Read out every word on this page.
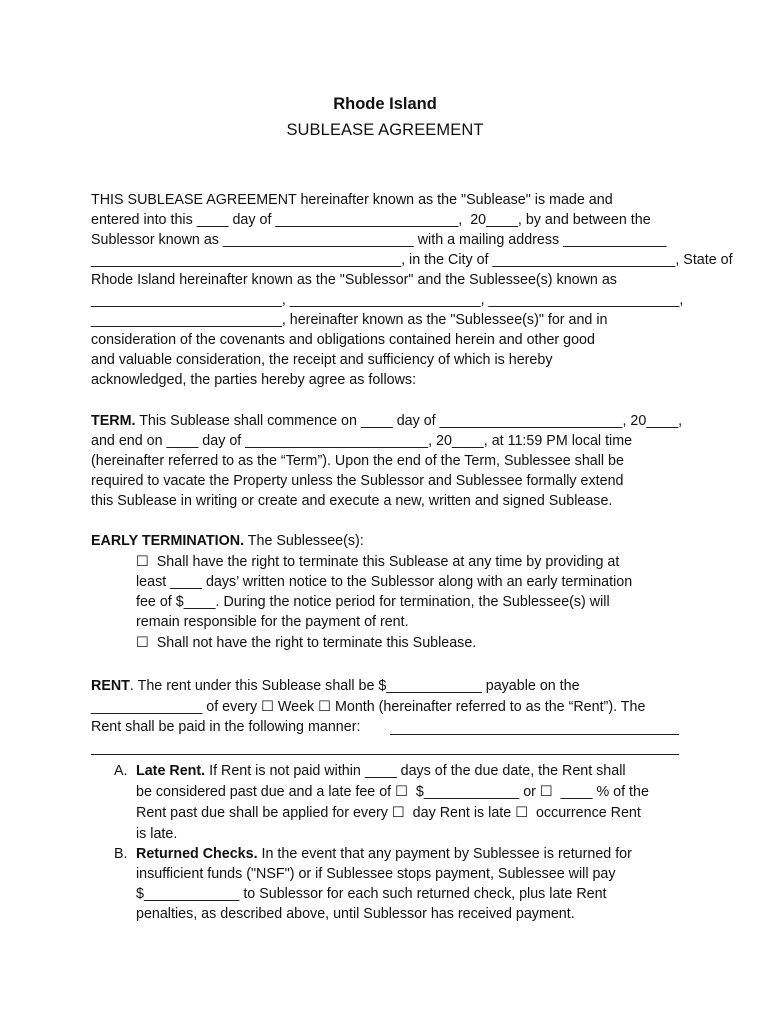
Rhode Island
SUBLEASE AGREEMENT

THIS SUBLEASE AGREEMENT hereinafter known as the "Sublease" is made and

entered into this ____ day of _______________________,  20____, by and between the

Sublessor known as ________________________ with a mailing address _____________

_______________________________________, in the City of _______________________, State of

Rhode Island hereinafter known as the "Sublessor" and the Sublessee(s) known as

________________________, ________________________, ________________________,

________________________, hereinafter known as the "Sublessee(s)" for and in

consideration of the covenants and obligations contained herein and other good

and valuable consideration, the receipt and sufficiency of which is hereby

acknowledged, the parties hereby agree as follows:

TERM. This Sublease shall commence on ____ day of _______________________, 20____,

and end on ____ day of _______________________, 20____, at 11:59 PM local time

(hereinafter referred to as the “Term”). Upon the end of the Term, Sublessee shall be

required to vacate the Property unless the Sublessor and Sublessee formally extend

this Sublease in writing or create and execute a new, written and signed Sublease.

EARLY TERMINATION. The Sublessee(s):

☐  Shall have the right to terminate this Sublease at any time by providing at

least ____ days’ written notice to the Sublessor along with an early termination

fee of $____. During the notice period for termination, the Sublessee(s) will

remain responsible for the payment of rent.

☐  Shall not have the right to terminate this Sublease.

RENT. The rent under this Sublease shall be $____________ payable on the

______________ of every ☐ Week ☐ Month (hereinafter referred to as the “Rent”). The

Rent shall be paid in the following manner:

A. Late Rent. If Rent is not paid within ____ days of the due date, the Rent shall

be considered past due and a late fee of ☐  $____________ or ☐  ____ % of the

Rent past due shall be applied for every ☐  day Rent is late ☐  occurrence Rent

is late.

B. Returned Checks. In the event that any payment by Sublessee is returned for

insufficient funds ("NSF") or if Sublessee stops payment, Sublessee will pay

$____________ to Sublessor for each such returned check, plus late Rent

penalties, as described above, until Sublessor has received payment.
